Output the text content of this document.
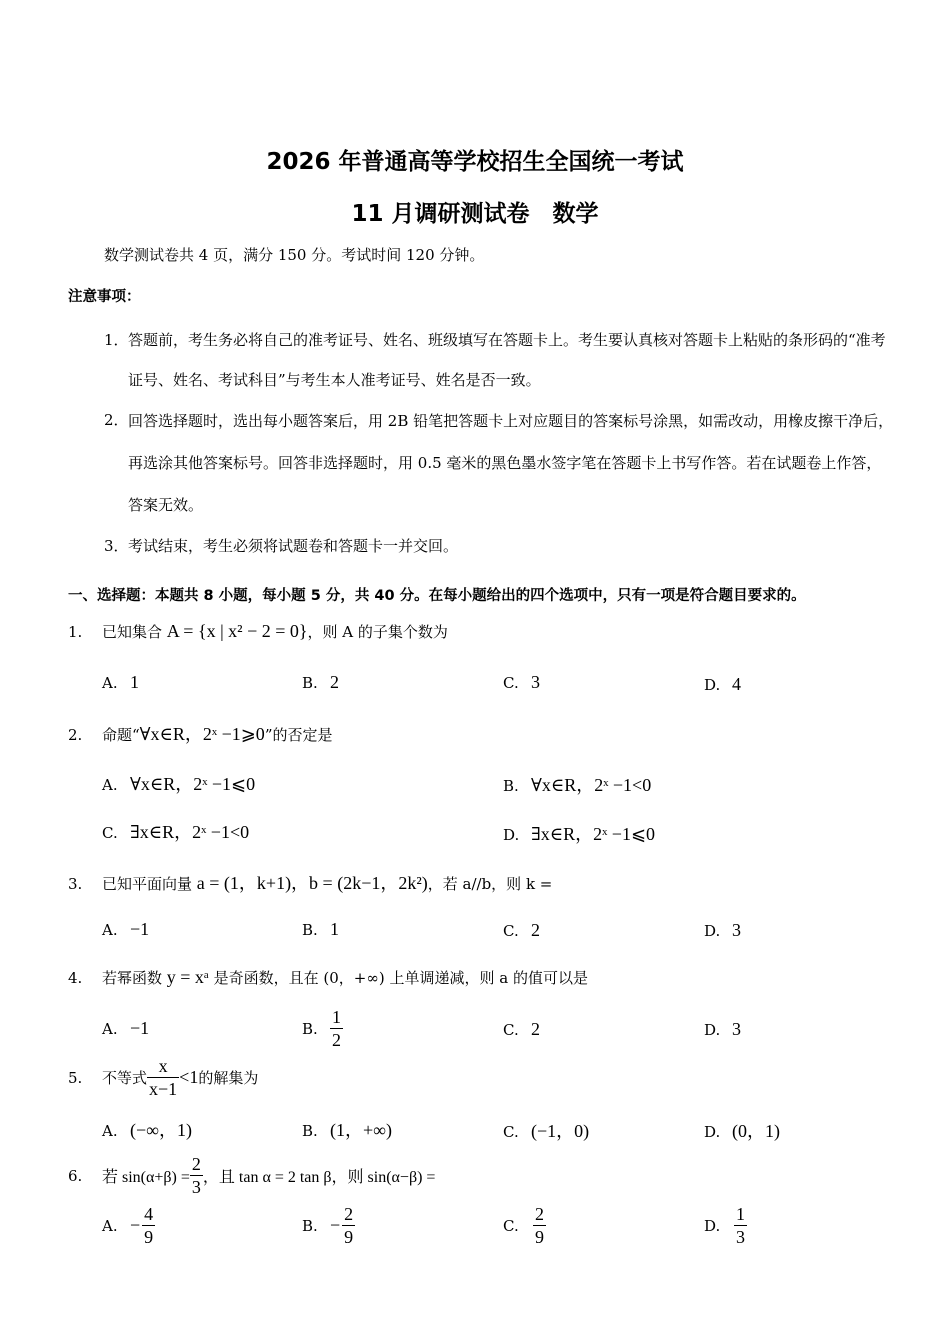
2026 年普通高等学校招生全国统一考试
11 月调研测试卷　数学
数学测试卷共 4 页，满分 150 分。考试时间 120 分钟。
注意事项：
1． 答题前，考生务必将自己的准考证号、姓名、班级填写在答题卡上。考生要认真核对答题卡上粘贴的条形码的“准考证号、姓名、考试科目”与考生本人准考证号、姓名是否一致。
2． 回答选择题时，选出每小题答案后，用 2B 铅笔把答题卡上对应题目的答案标号涂黑，如需改动，用橡皮擦干净后，再选涂其他答案标号。回答非选择题时，用 0.5 毫米的黑色墨水签字笔在答题卡上书写作答。若在试题卷上作答，答案无效。
3． 考试结束，考生必须将试题卷和答题卡一并交回。
一、选择题：本题共 8 小题，每小题 5 分，共 40 分。在每小题给出的四个选项中，只有一项是符合题目要求的。
1. 已知集合 A = {x | x² − 2 = 0}，则 A 的子集个数为
A. 1	B. 2	C. 3	D. 4
2. 命题“∀x∈R，2ˣ −1⩾0”的否定是
A. ∀x∈R，2ˣ −1⩽0	B. ∀x∈R，2ˣ −1<0
C. ∃x∈R，2ˣ −1<0	D. ∃x∈R，2ˣ −1⩽0
3. 已知平面向量 a = (1，k+1)，b = (2k−1，2k²)，若 a//b，则 k =
A. −1	B. 1	C. 2	D. 3
4. 若幂函数 y = xᵃ 是奇函数，且在 (0，+∞) 上单调递减，则 a 的值可以是
A. −1	B. $\frac{1}{2}$	C. 2	D. 3
5.	不等式 $\frac{x}{x-1} <1$ 的解集为
A. (−∞，1)	B. (1，+∞)	C. (−1，0)	D. (0，1)
6.	若 $\sin(\alpha+\beta) = \frac{2}{3}$ ，且 tan α = 2 tan β，则 sin(α−β) =
A. − $\frac{4}{9}$	B. − $\frac{2}{9}$	C. $\frac{2}{9}$	D. $\frac{1}{3}$
